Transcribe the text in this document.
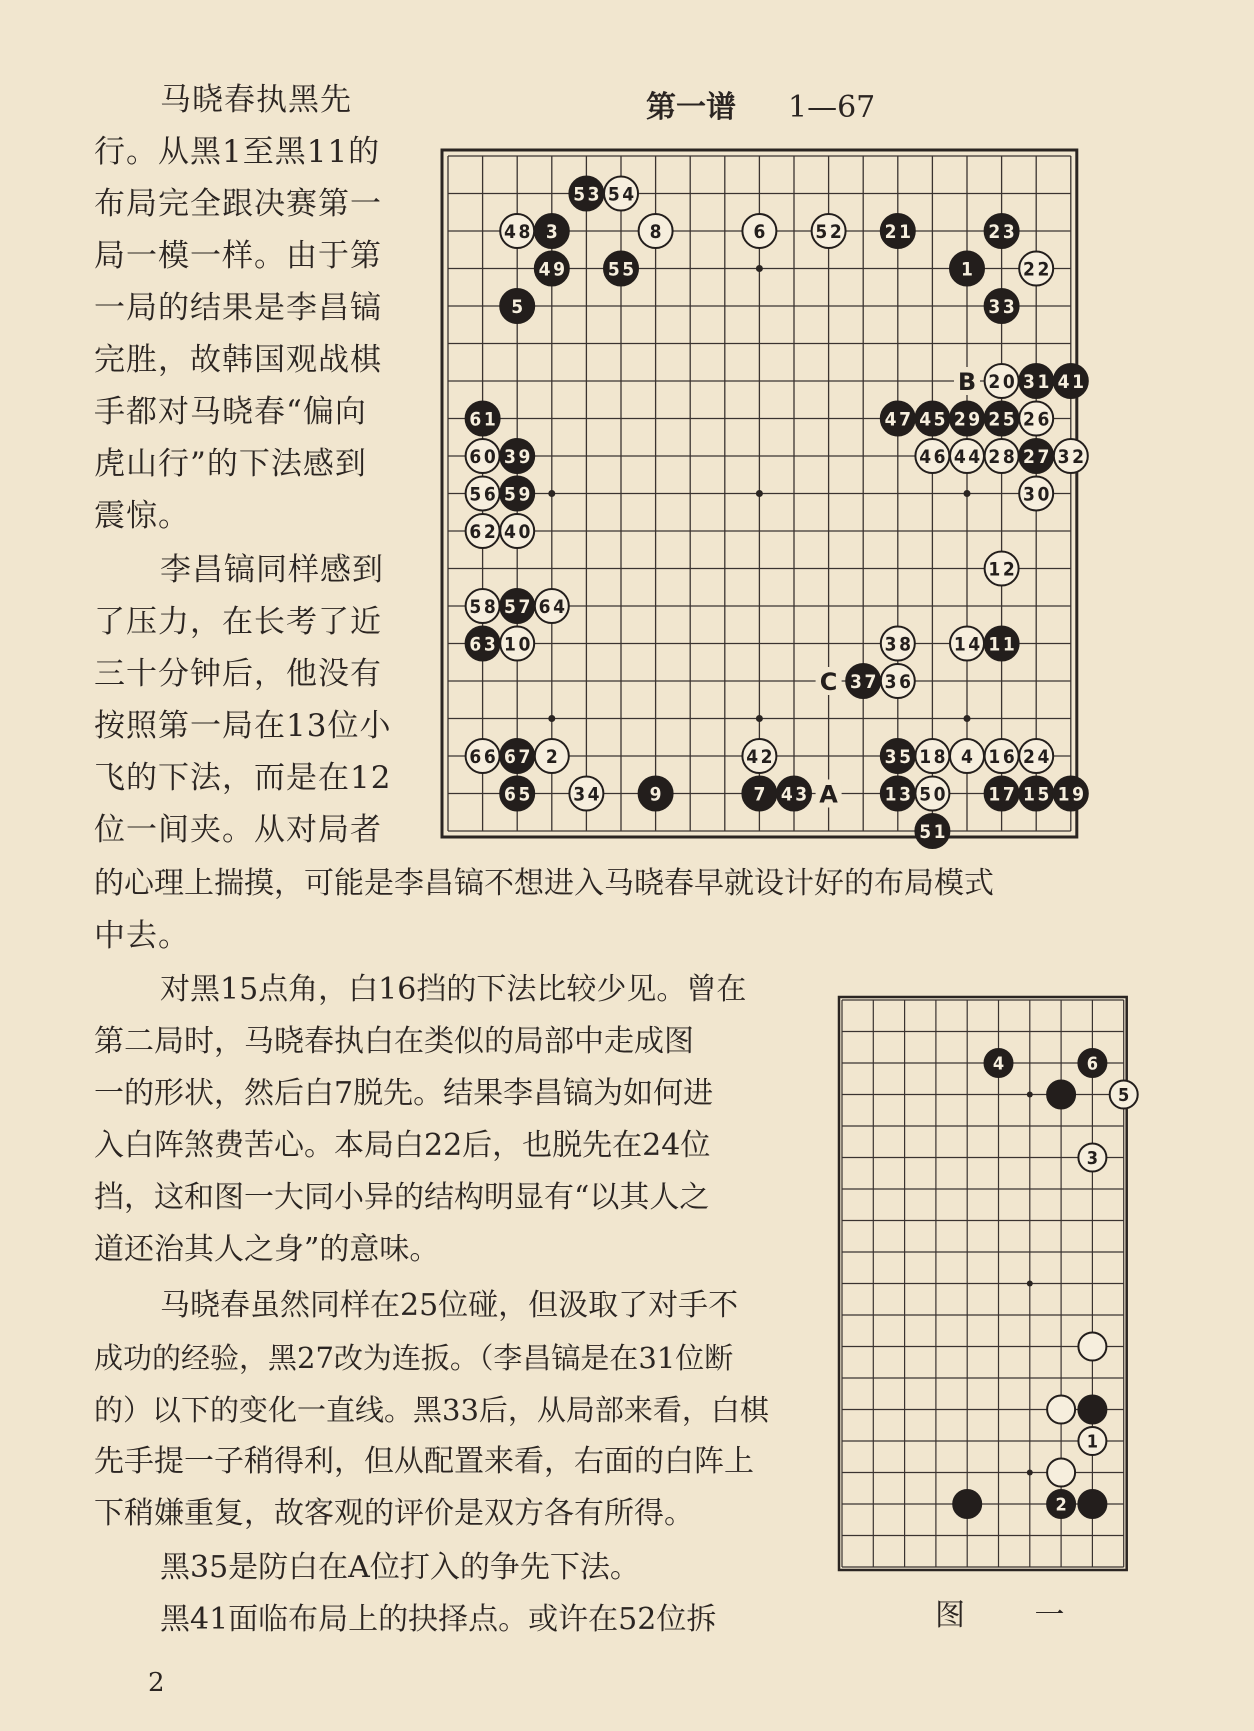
第一谱 1—67
1
3
5
7
9
11
13	15
17 19
21	23
25
27
29
31
33
35
37
39
41
43
45
47
49
51
53
55
57
59
61
63
65
67 2	4
6
8
10
12
14
16
18
20
22
24
26
28
30
32
34
36
38
40
42
44
46
48
50
52
54
56
58
60
62
64
66
A
B
C
4	6
5
3
1
2
马晓春执黑先
行。从黑1至黑11的
布局完全跟决赛第一
局一模一样。由于第
一局的结果是李昌镐
完胜，故韩国观战棋
手都对马晓春“偏向
虎山行”的下法感到
震惊。
李昌镐同样感到
了压力，在长考了近
三十分钟后，他没有
按照第一局在13位小
飞的下法，而是在12
位一间夹。从对局者
的心理上揣摸，可能是李昌镐不想进入马晓春早就设计好的布局模式
中去。
对黑15点角，白16挡的下法比较少见。曾在
第二局时，马晓春执白在类似的局部中走成图
一的形状，然后白7脱先。结果李昌镐为如何进
入白阵煞费苦心。本局白22后，也脱先在24位
挡，这和图一大同小异的结构明显有“以其人之
道还治其人之身”的意味。
马晓春虽然同样在25位碰，但汲取了对手不
成功的经验，黑27改为连扳。（李昌镐是在31位断
的）以下的变化一直线。黑33后，从局部来看，白棋
先手提一子稍得利，但从配置来看，右面的白阵上
下稍嫌重复，故客观的评价是双方各有所得。
黑35是防白在A位打入的争先下法。
黑41面临布局上的抉择点。或许在52位拆	图 一
2
